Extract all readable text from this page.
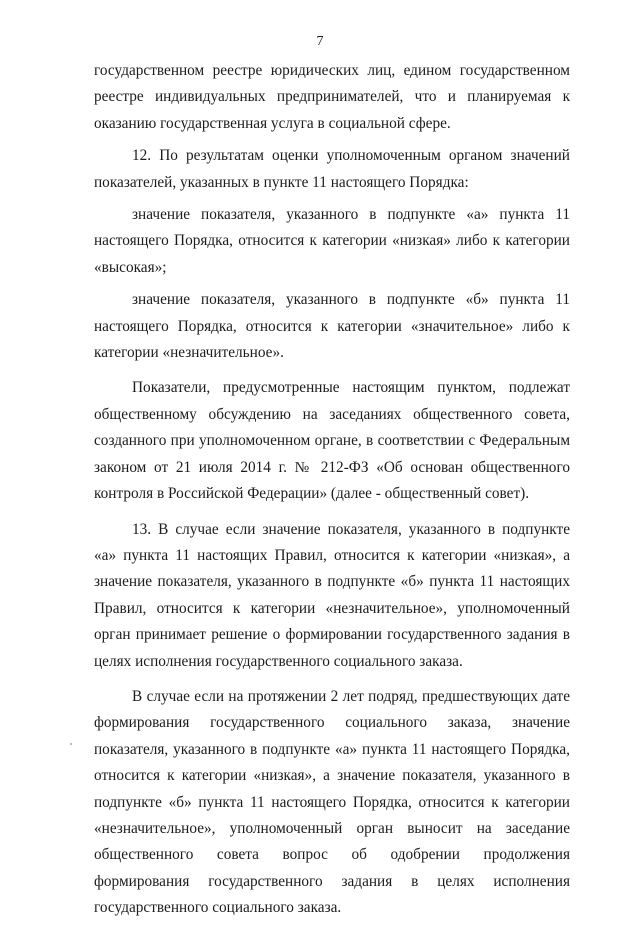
7

государственном реестре юридических лиц, едином государственном реестре индивидуальных предпринимателей, что и планируемая к оказанию государственная услуга в социальной сфере.

12. По результатам оценки уполномоченным органом значений показателей, указанных в пункте 11 настоящего Порядка:

значение показателя, указанного в подпункте «а» пункта 11 настоящего Порядка, относится к категории «низкая» либо к категории «высокая»;

значение показателя, указанного в подпункте «б» пункта 11 настоящего Порядка, относится к категории «значительное» либо к категории «незначительное».

Показатели, предусмотренные настоящим пунктом, подлежат общественному обсуждению на заседаниях общественного совета, созданного при уполномоченном органе, в соответствии с Федеральным законом от 21 июля 2014 г. № 212-ФЗ «Об основан общественного контроля в Российской Федерации» (далее - общественный совет).

13. В случае если значение показателя, указанного в подпункте «а» пункта 11 настоящих Правил, относится к категории «низкая», а значение показателя, указанного в подпункте «б» пункта 11 настоящих Правил, относится к категории «незначительное», уполномоченный орган принимает решение о формировании государственного задания в целях исполнения государственного социального заказа.

В случае если на протяжении 2 лет подряд, предшествующих дате формирования государственного социального заказа, значение показателя, указанного в подпункте «а» пункта 11 настоящего Порядка, относится к категории «низкая», а значение показателя, указанного в подпункте «б» пункта 11 настоящего Порядка, относится к категории «незначительное», уполномоченный орган выносит на заседание общественного совета вопрос об одобрении продолжения формирования государственного задания в целях исполнения государственного социального заказа.
